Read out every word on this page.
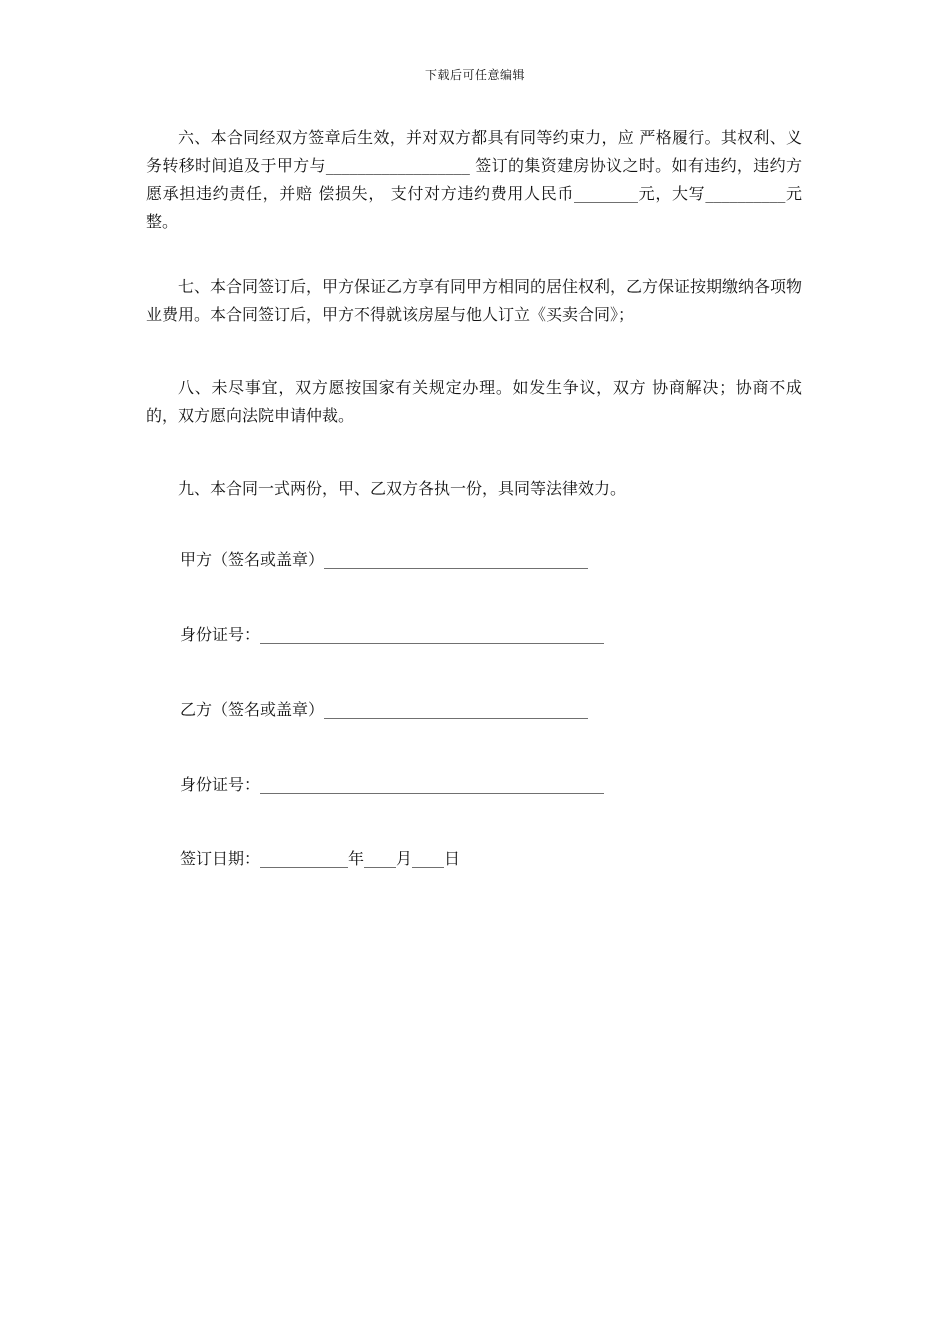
下载后可任意编辑

六、本合同经双方签章后生效，并对双方都具有同等约束力，应 严格履行。其权利、义务转移时间追及于甲方与__________________ 签订的集资建房协议之时。如有违约，违约方愿承担违约责任，并赔 偿损失， 支付对方违约费用人民币________元，大写__________元整。

七、本合同签订后，甲方保证乙方享有同甲方相同的居住权利，乙方保证按期缴纳各项物业费用。本合同签订后，甲方不得就该房屋与他人订立《买卖合同》；

八、未尽事宜，双方愿按国家有关规定办理。如发生争议，双方 协商解决；协商不成的，双方愿向法院申请仲裁。

九、本合同一式两份，甲、乙双方各执一份，具同等法律效力。

甲方（签名或盖章）_________________________________
身份证号：___________________________________________
乙方（签名或盖章）_________________________________
身份证号：___________________________________________
签订日期：___________年____月____日
